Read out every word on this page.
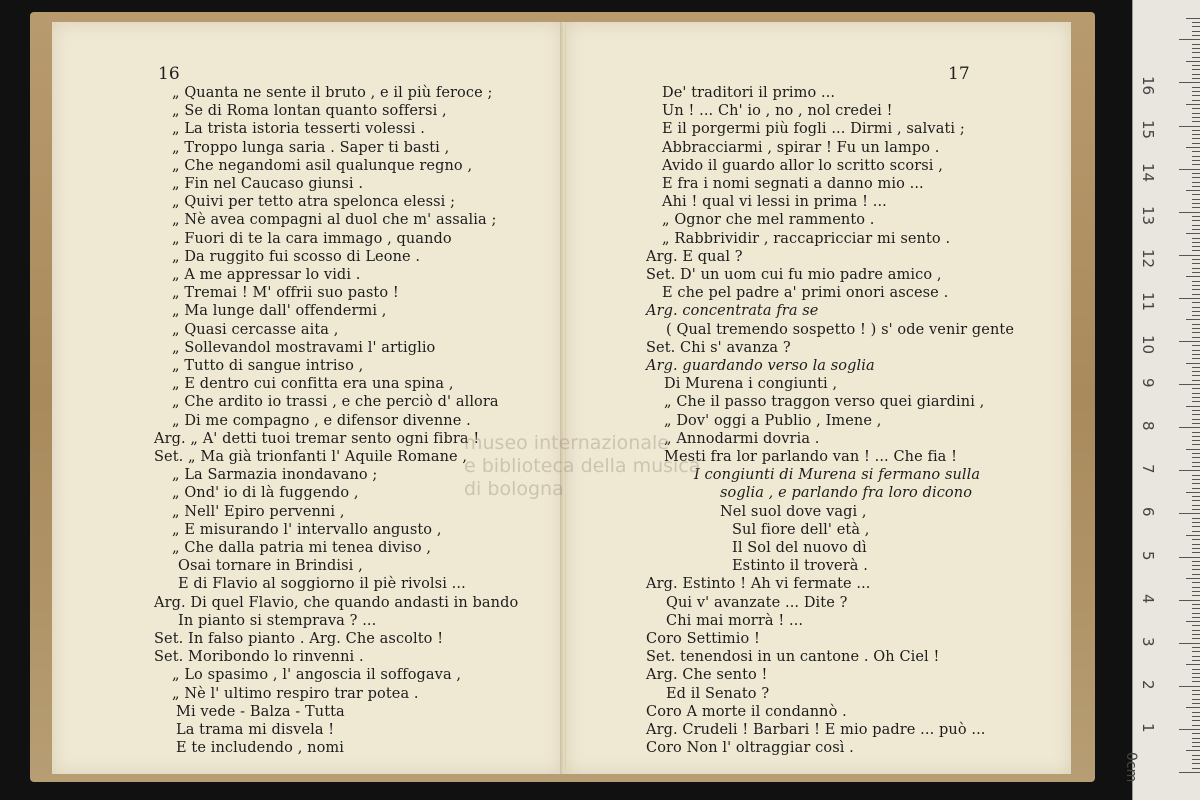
16
„ Quanta ne sente il bruto , e il più feroce ;
„ Se di Roma lontan quanto soffersi ,
„ La trista istoria tesserti volessi .
„ Troppo lunga saria . Saper ti basti ,
„ Che negandomi asil qualunque regno ,
„ Fin nel Caucaso giunsi .
„ Quivi per tetto atra spelonca elessi ;
„ Nè avea compagni al duol che m' assalia ;
„ Fuori di te la cara immago , quando
„ Da ruggito fui scosso di Leone .
„ A me appressar lo vidi .
„ Tremai ! M' offrii suo pasto !
„ Ma lunge dall' offendermi ,
„ Quasi cercasse aita ,
„ Sollevandol mostravami l' artiglio
„ Tutto di sangue intriso ,
„ E dentro cui confitta era una spina ,
„ Che ardito io trassi , e che perciò d' allora
„ Di me compagno , e difensor divenne .
Arg. „ A' detti tuoi tremar sento ogni fibra !
Set. „ Ma già trionfanti l' Aquile Romane ,
„ La Sarmazia inondavano ;
„ Ond' io di là fuggendo ,
„ Nell' Epiro pervenni ,
„ E misurando l' intervallo angusto ,
„ Che dalla patria mi tenea diviso ,
Osai tornare in Brindisi ,
E di Flavio al soggiorno il piè rivolsi ...
Arg. Di quel Flavio, che quando andasti in bando
In pianto si stemprava ? ...
Set. In falso pianto . Arg. Che ascolto !
Set. Moribondo lo rinvenni .
„ Lo spasimo , l' angoscia il soffogava ,
„ Nè l' ultimo respiro trar potea .
Mi vede - Balza - Tutta
La trama mi disvela !
E te includendo , nomi
17
De' traditori il primo ...
Un ! ... Ch' io , no , nol credei !
E il porgermi più fogli ... Dirmi , salvati ;
Abbracciarmi , spirar ! Fu un lampo .
Avido il guardo allor lo scritto scorsi ,
E fra i nomi segnati a danno mio ...
Ahi ! qual vi lessi in prima ! ...
„ Ognor che mel rammento .
„ Rabbrividir , raccapricciar mi sento .
Arg. E qual ?
Set. D' un uom cui fu mio padre amico ,
E che pel padre a' primi onori ascese .
Arg. concentrata fra se
( Qual tremendo sospetto ! ) s' ode venir gente
Set. Chi s' avanza ?
Arg. guardando verso la soglia
Di Murena i congiunti ,
„ Che il passo traggon verso quei giardini ,
„ Dov' oggi a Publio , Imene ,
„ Annodarmi dovria .
Mesti fra lor parlando van ! ... Che fia !
I congiunti di Murena si fermano sulla
soglia , e parlando fra loro dicono
Nel suol dove vagi ,
Sul fiore dell' età ,
Il Sol del nuovo dì
Estinto il troverà .
Arg. Estinto ! Ah vi fermate ...
Qui v' avanzate ... Dite ?
Chi mai morrà ! ...
Coro Settimio !
Set. tenendosi in un cantone . Oh Ciel !
Arg. Che sento !
Ed il Senato ?
Coro A morte il condannò .
Arg. Crudeli ! Barbari ! E mio padre ... può ...
Coro Non l' oltraggiar così .
museo internazionale
e biblioteca della musica
di bologna
0cm
1
2
3
4
5
6
7
8
9
10
11
12
13
14
15
16
